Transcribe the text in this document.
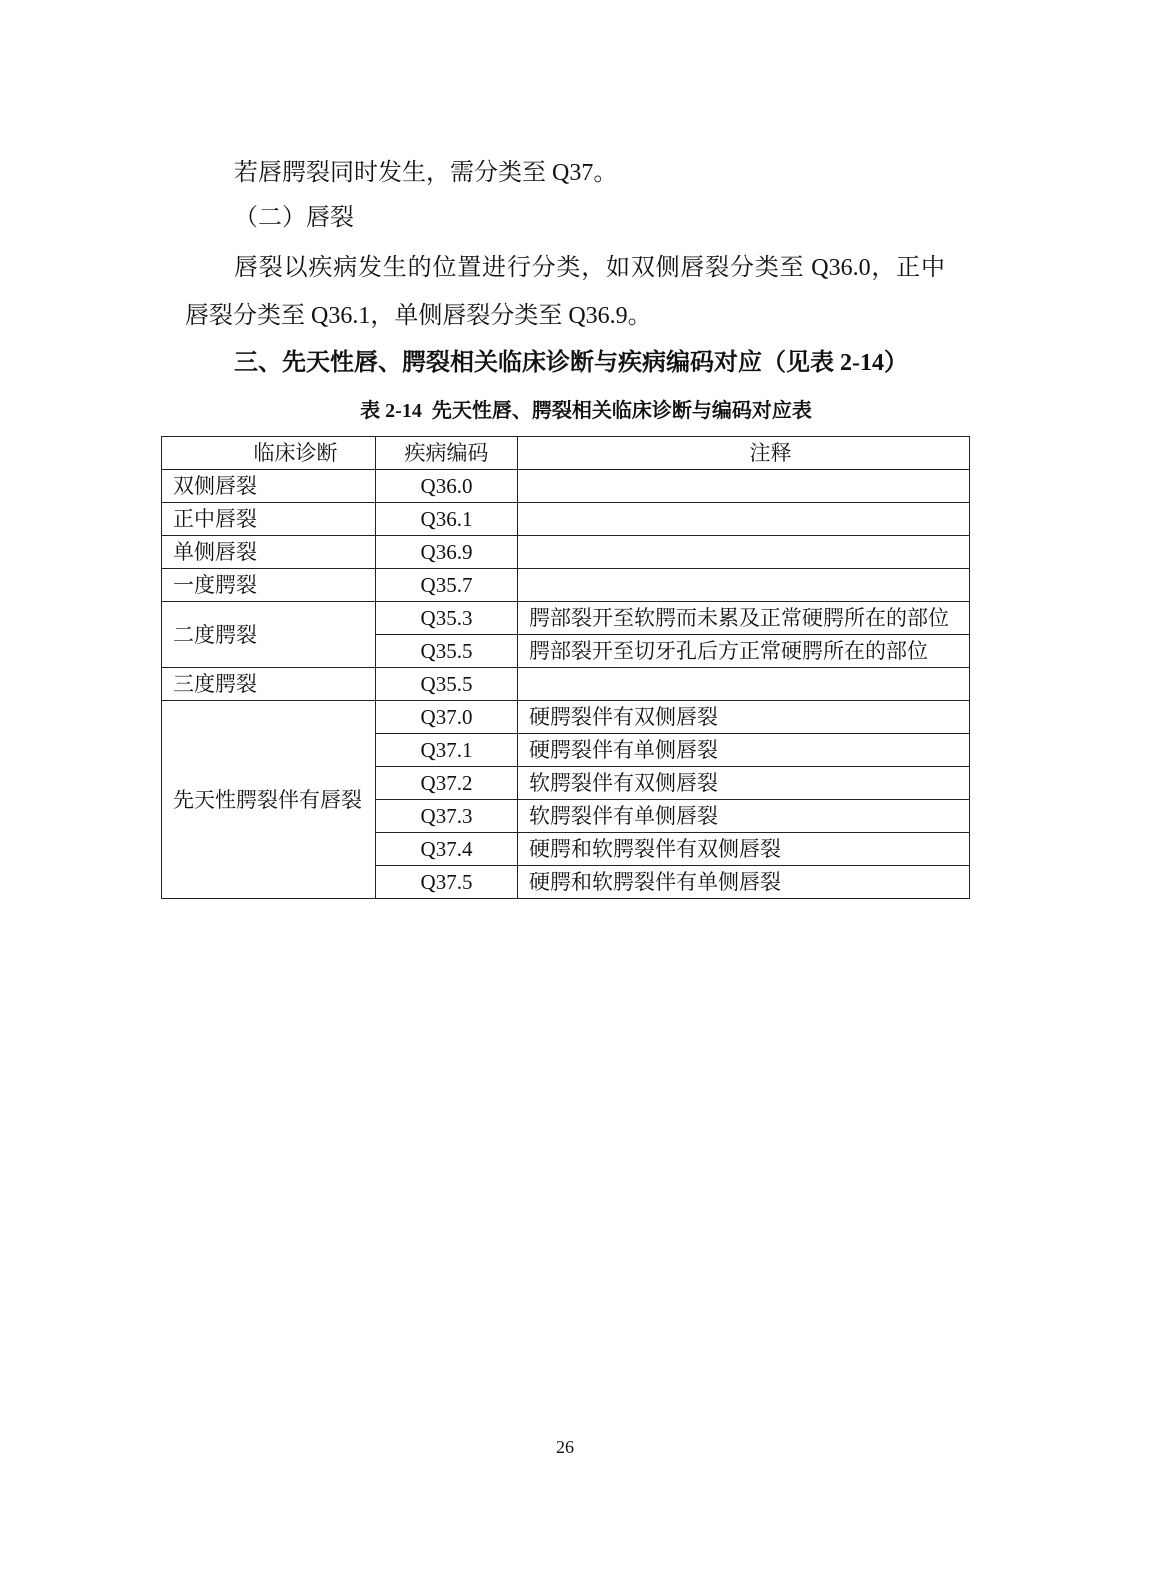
若唇腭裂同时发生，需分类至 Q37。
（二）唇裂
唇裂以疾病发生的位置进行分类，如双侧唇裂分类至 Q36.0，正中唇裂分类至 Q36.1，单侧唇裂分类至 Q36.9。
三、先天性唇、腭裂相关临床诊断与疾病编码对应（见表 2-14）
表 2-14  先天性唇、腭裂相关临床诊断与编码对应表
临床诊断	疾病编码	注释
双侧唇裂	Q36.0	
正中唇裂	Q36.1	
单侧唇裂	Q36.9	
一度腭裂	Q35.7	
二度腭裂	Q35.3	腭部裂开至软腭而未累及正常硬腭所在的部位
	Q35.5	腭部裂开至切牙孔后方正常硬腭所在的部位
三度腭裂	Q35.5	
先天性腭裂伴有唇裂	Q37.0	硬腭裂伴有双侧唇裂
	Q37.1	硬腭裂伴有单侧唇裂
	Q37.2	软腭裂伴有双侧唇裂
	Q37.3	软腭裂伴有单侧唇裂
	Q37.4	硬腭和软腭裂伴有双侧唇裂
	Q37.5	硬腭和软腭裂伴有单侧唇裂
26
